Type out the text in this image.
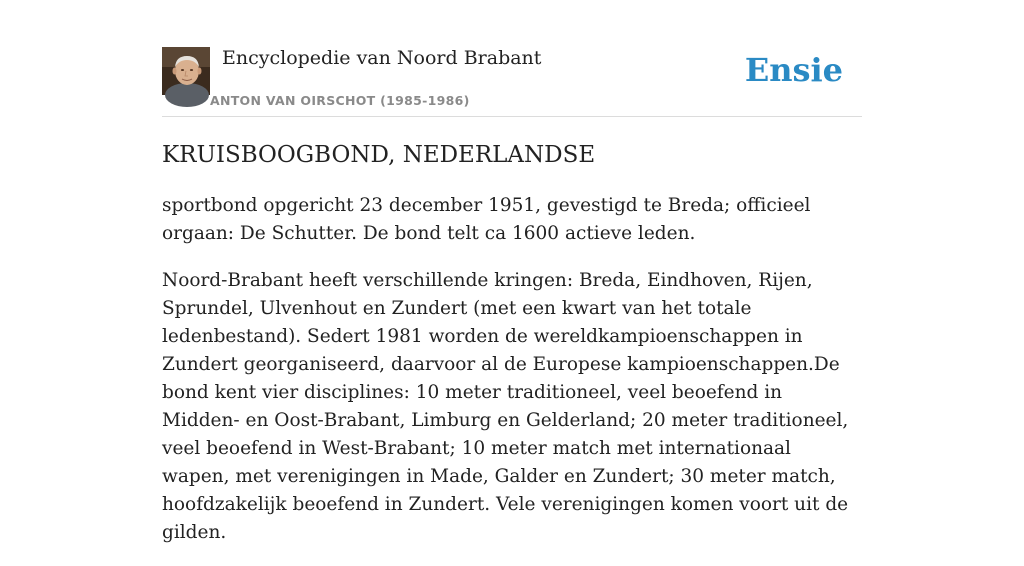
Encyclopedie van Noord Brabant
ANTON VAN OIRSCHOT (1985-1986)
Ensie
KRUISBOOGBOND, NEDERLANDSE

sportbond opgericht 23 december 1951, gevestigd te Breda; officieel orgaan: De Schutter. De bond telt ca 1600 actieve leden.

Noord-Brabant heeft verschillende kringen: Breda, Eindhoven, Rijen, Sprundel, Ulvenhout en Zundert (met een kwart van het totale ledenbestand). Sedert 1981 worden de wereldkampioenschappen in Zundert georganiseerd, daarvoor al de Europese kampioenschappen.De bond kent vier disciplines: 10 meter traditioneel, veel beoefend in Midden- en Oost-Brabant, Limburg en Gelderland; 20 meter traditioneel, veel beoefend in West-Brabant; 10 meter match met internationaal wapen, met verenigingen in Made, Galder en Zundert; 30 meter match, hoofdzakelijk beoefend in Zundert. Vele verenigingen komen voort uit de gilden.
